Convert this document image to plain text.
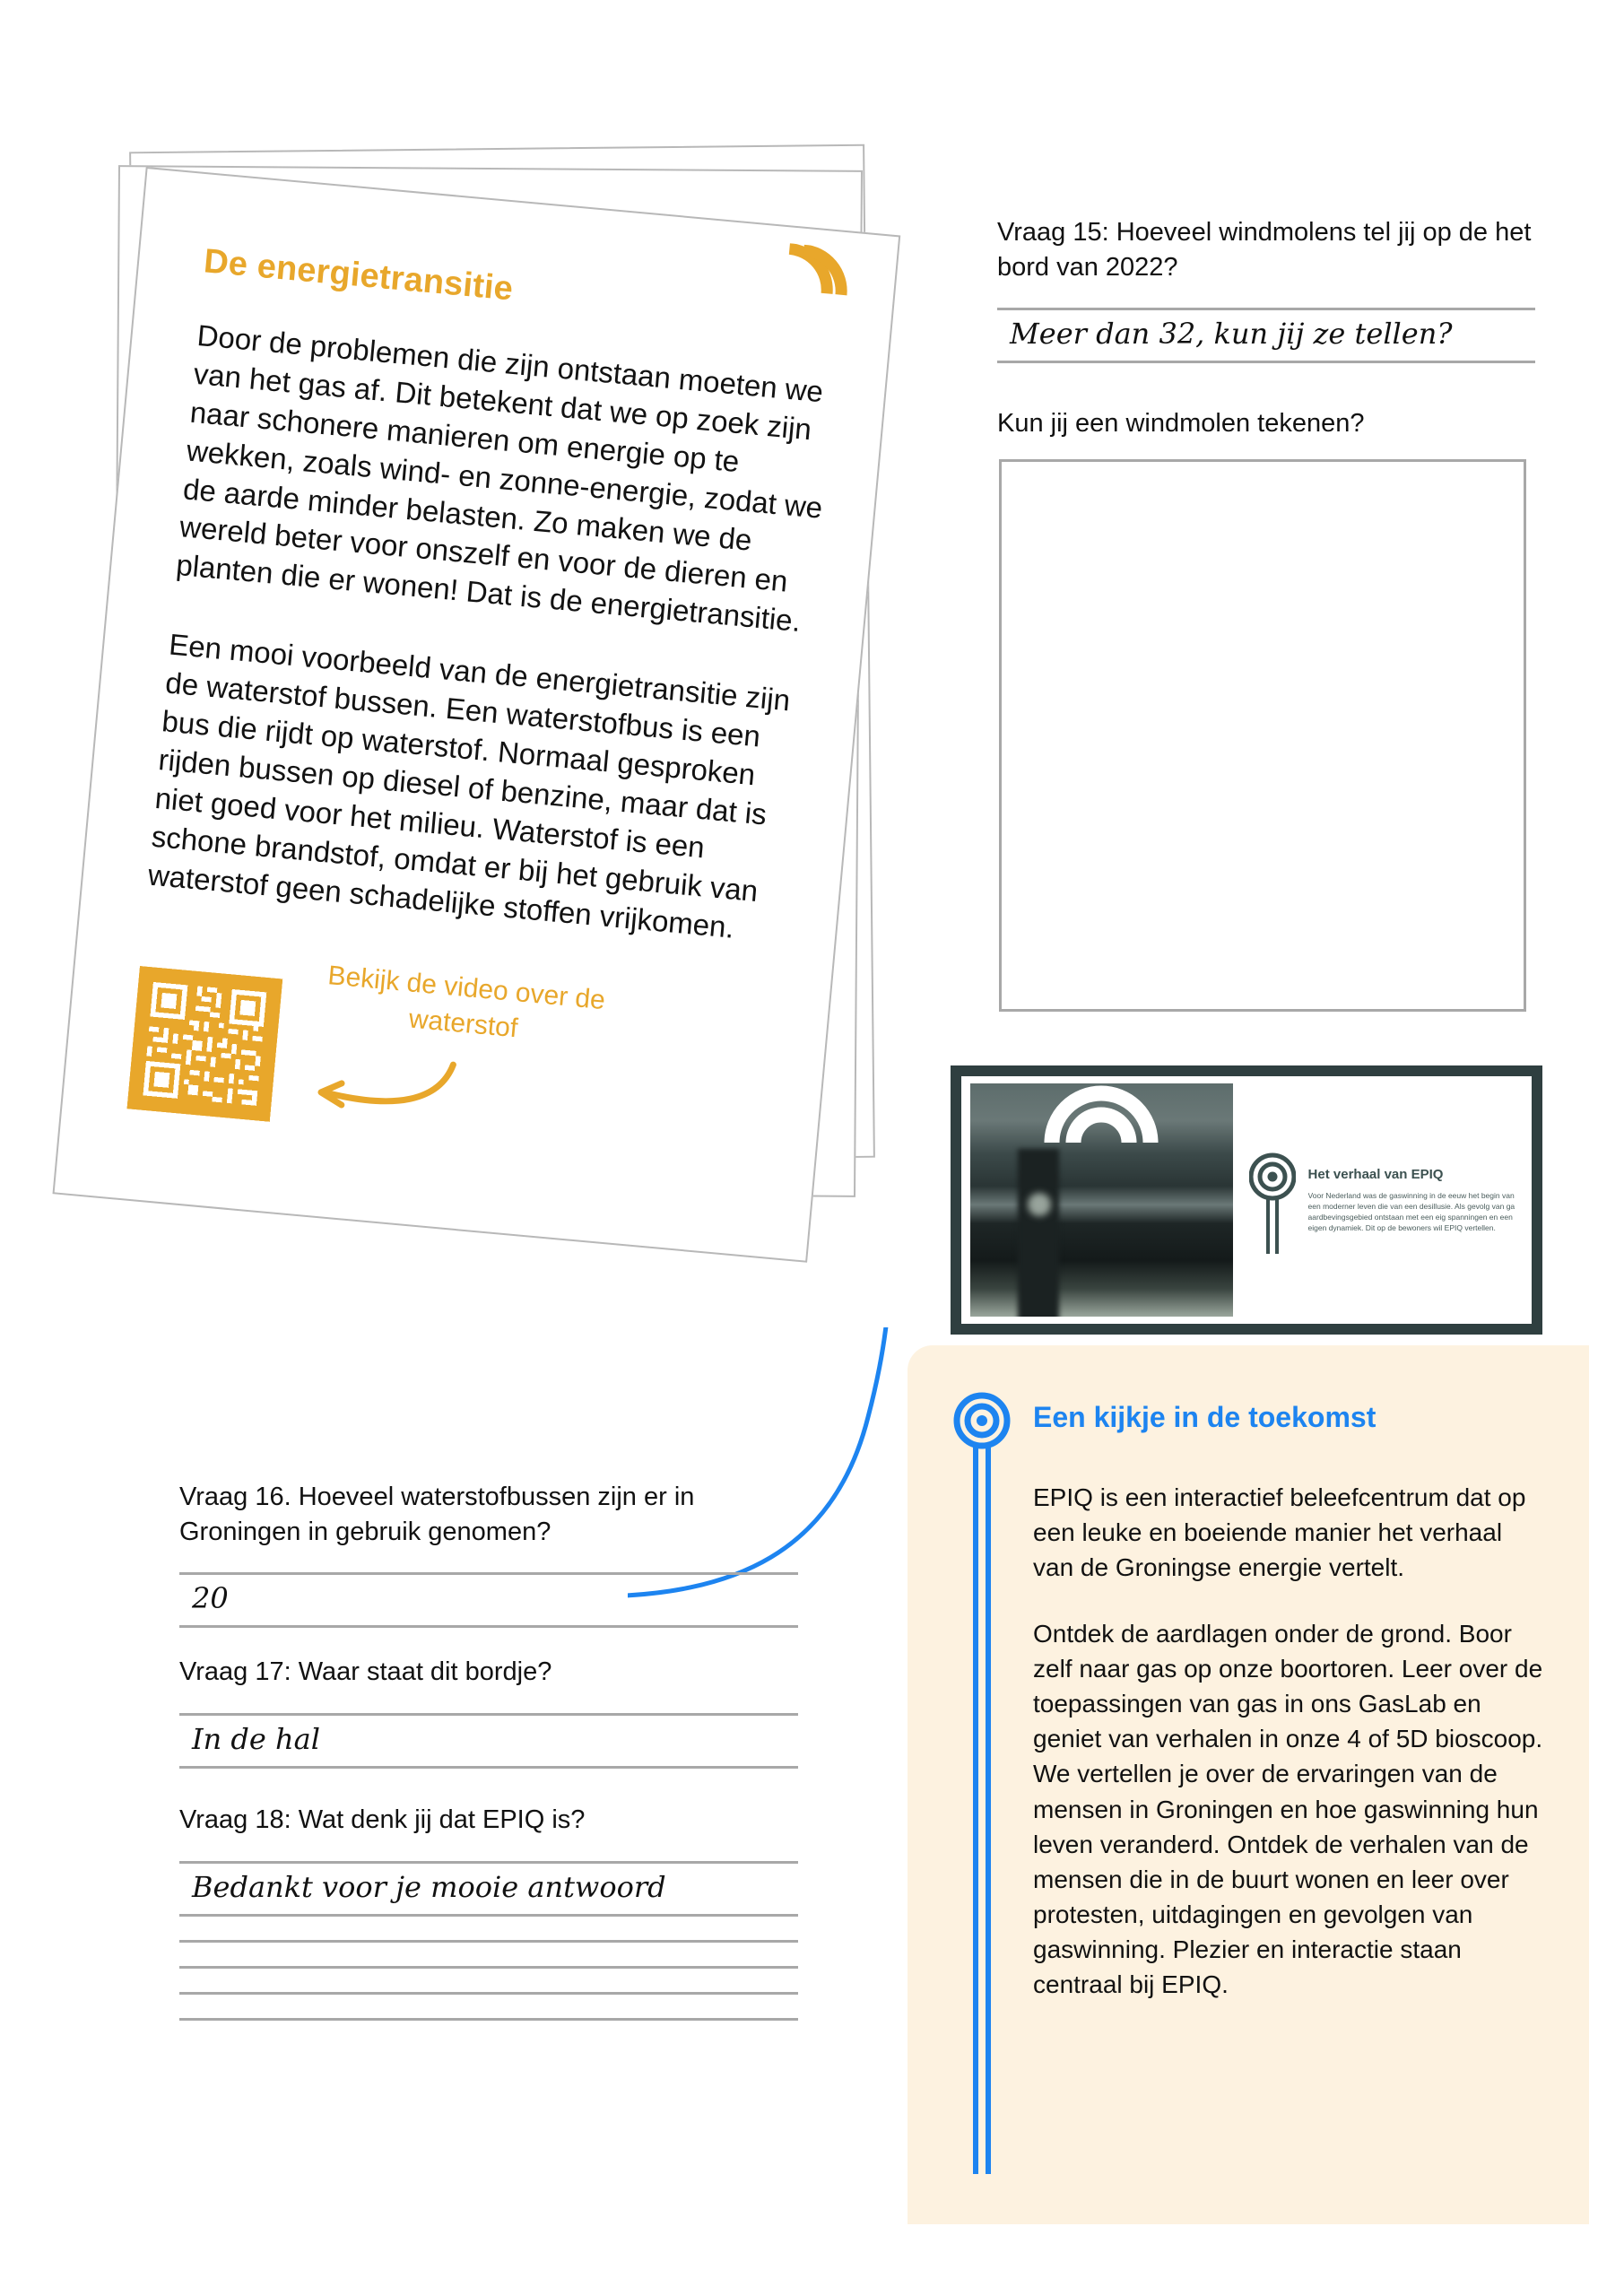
De energietransitie
Door de problemen die zijn ontstaan moeten we van het gas af. Dit betekent dat we op zoek zijn naar schonere manieren om energie op te wekken, zoals wind- en zonne-energie, zodat we de aarde minder belasten. Zo maken we de wereld beter voor onszelf en voor de dieren en planten die er wonen! Dat is de energietransitie.
Een mooi voorbeeld van de energietransitie zijn de waterstof bussen. Een waterstofbus is een bus die rijdt op waterstof. Normaal gesproken rijden bussen op diesel of benzine, maar dat is niet goed voor het milieu. Waterstof is een schone brandstof, omdat er bij het gebruik van waterstof geen schadelijke stoffen vrijkomen.
Bekijk de video over de waterstof

Vraag 15: Hoeveel windmolens tel jij op de het bord van 2022?

Meer dan 32, kun jij ze tellen?
Kun jij een windmolen tekenen?
Het verhaal van EPIQ
Voor Nederland was de gaswinning in de eeuw het begin van een moderner leven die van een desillusie. Als gevolg van ga aardbevingsgebied ontstaan met een eig spanningen en een eigen dynamiek. Dit op de bewoners wil EPIQ vertellen.
Een kijkje in de toekomst

EPIQ is een interactief beleefcentrum dat op een leuke en boeiende manier het verhaal van de Groningse energie vertelt.

Ontdek de aardlagen onder de grond. Boor zelf naar gas op onze boortoren. Leer over de toepassingen van gas in ons GasLab en geniet van verhalen in onze 4 of 5D bioscoop. We vertellen je over de ervaringen van de mensen in Groningen en hoe gaswinning hun leven veranderd. Ontdek de verhalen van de mensen die in de buurt wonen en leer over protesten, uitdagingen en gevolgen van gaswinning. Plezier en interactie staan centraal bij EPIQ.

Vraag 16. Hoeveel waterstofbussen zijn er in Groningen in gebruik genomen?

20

Vraag 17: Waar staat dit bordje?

In de hal

Vraag 18: Wat denk jij dat EPIQ is?

Bedankt voor je mooie antwoord
